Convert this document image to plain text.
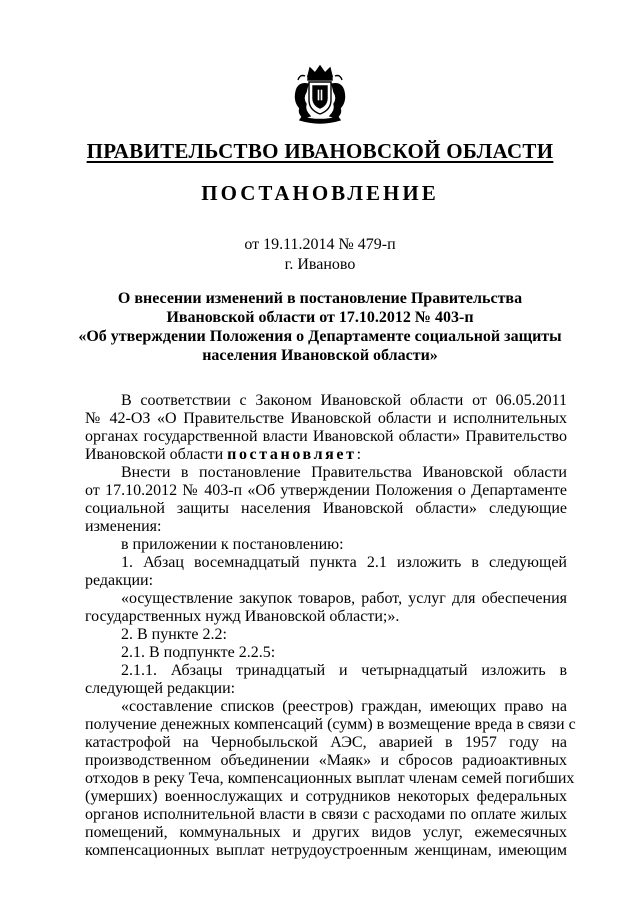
ПРАВИТЕЛЬСТВО ИВАНОВСКОЙ ОБЛАСТИ
ПОСТАНОВЛЕНИЕ
от 19.11.2014 № 479-п
г. Иваново
О внесении изменений в постановление Правительства
Ивановской области от 17.10.2012 № 403-п
«Об утверждении Положения о Департаменте социальной защиты
населения Ивановской области»
В соответствии с Законом Ивановской области от 06.05.2011
№ 42-ОЗ «О Правительстве Ивановской области и исполнительных
органах государственной власти Ивановской области» Правительство
Ивановской области постановляет:
Внести в постановление Правительства Ивановской области
от 17.10.2012 № 403-п «Об утверждении Положения о Департаменте
социальной защиты населения Ивановской области» следующие
изменения:
в приложении к постановлению:
1. Абзац восемнадцатый пункта 2.1 изложить в следующей
редакции:
«осуществление закупок товаров, работ, услуг для обеспечения
государственных нужд Ивановской области;».
2. В пункте 2.2:
2.1. В подпункте 2.2.5:
2.1.1. Абзацы тринадцатый и четырнадцатый изложить в
следующей редакции:
«составление списков (реестров) граждан, имеющих право на
получение денежных компенсаций (сумм) в возмещение вреда в связи с
катастрофой на Чернобыльской АЭС, аварией в 1957 году на
производственном объединении «Маяк» и сбросов радиоактивных
отходов в реку Теча, компенсационных выплат членам семей погибших
(умерших) военнослужащих и сотрудников некоторых федеральных
органов исполнительной власти в связи с расходами по оплате жилых
помещений, коммунальных и других видов услуг, ежемесячных
компенсационных выплат нетрудоустроенным женщинам, имеющим
